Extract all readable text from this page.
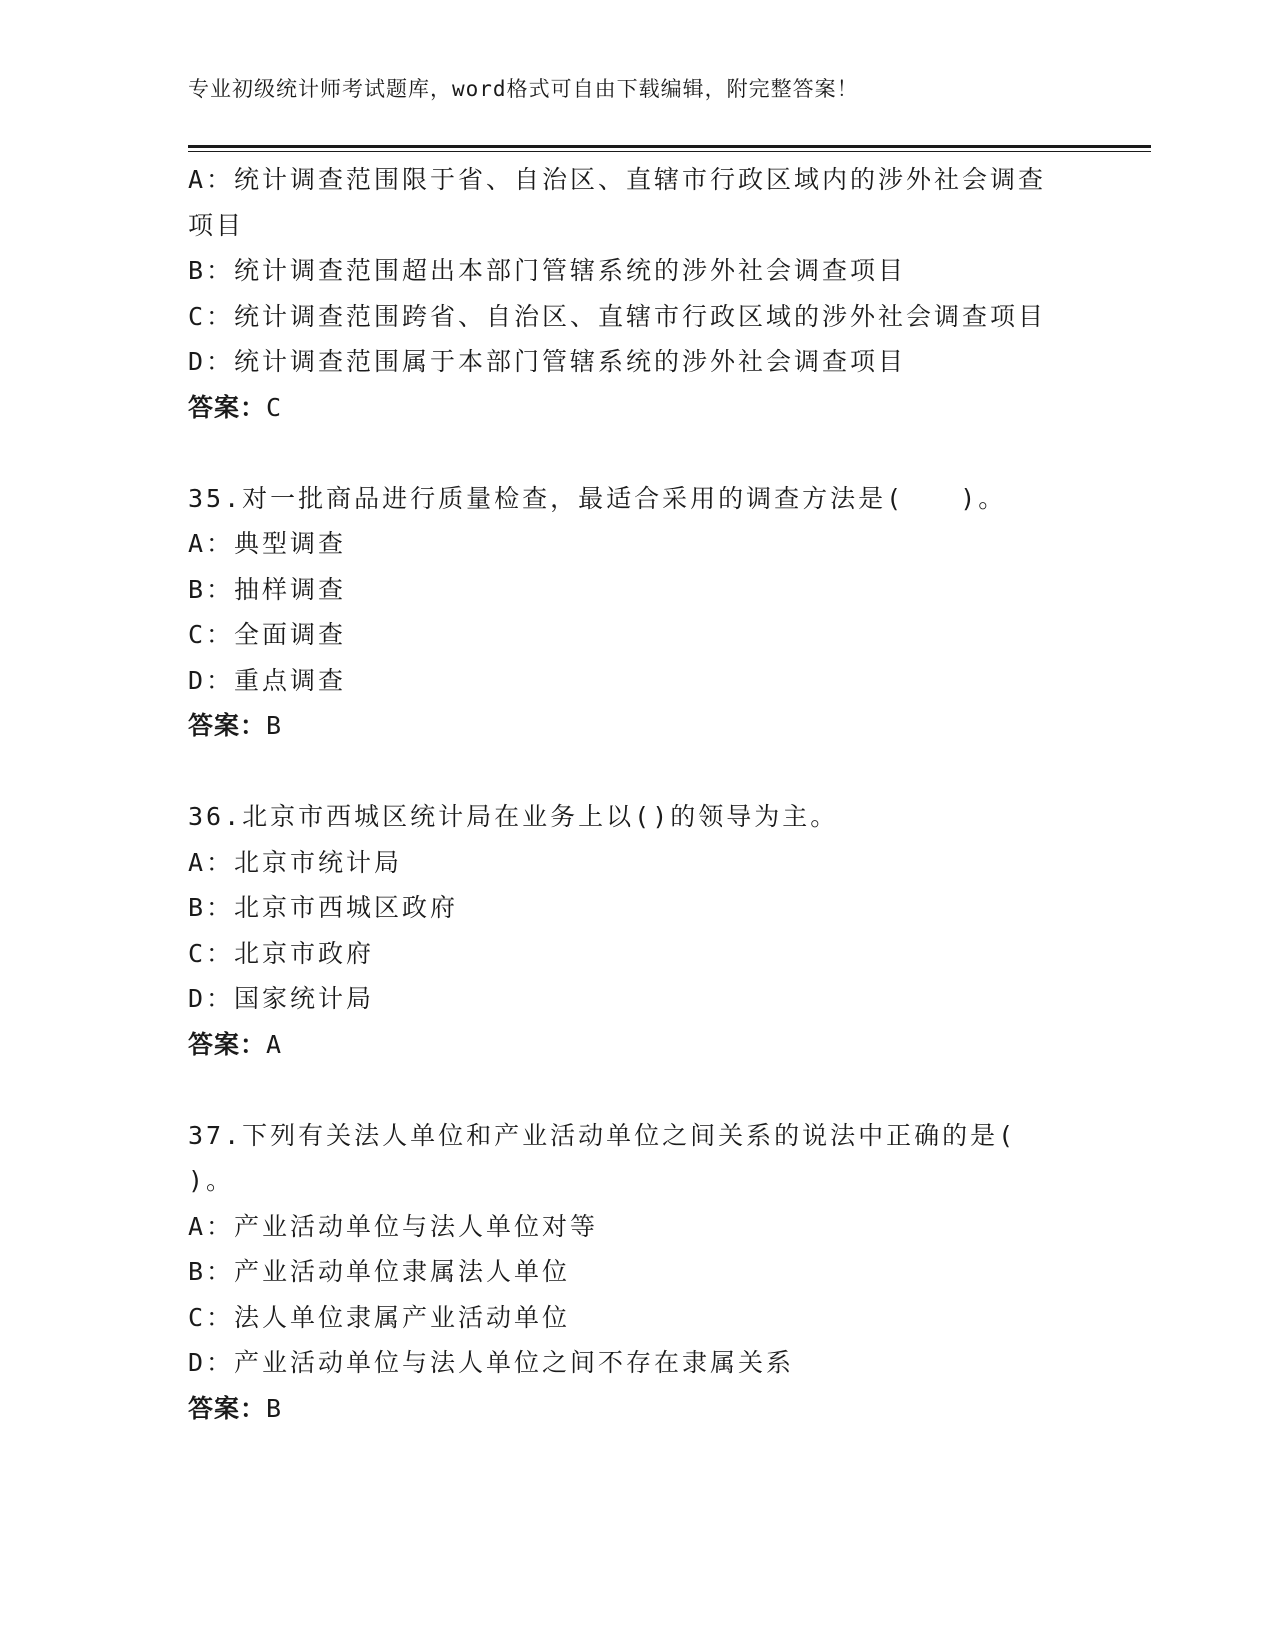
专业初级统计师考试题库，word格式可自由下载编辑，附完整答案！
A：统计调查范围限于省、自治区、直辖市行政区域内的涉外社会调查
项目
B：统计调查范围超出本部门管辖系统的涉外社会调查项目
C：统计调查范围跨省、自治区、直辖市行政区域的涉外社会调查项目
D：统计调查范围属于本部门管辖系统的涉外社会调查项目
答案：C
35.对一批商品进行质量检查，最适合采用的调查方法是(　　)。
A：典型调查
B：抽样调查
C：全面调查
D：重点调查
答案：B
36.北京市西城区统计局在业务上以()的领导为主。
A：北京市统计局
B：北京市西城区政府
C：北京市政府
D：国家统计局
答案：A
37.下列有关法人单位和产业活动单位之间关系的说法中正确的是(
)。
A：产业活动单位与法人单位对等
B：产业活动单位隶属法人单位
C：法人单位隶属产业活动单位
D：产业活动单位与法人单位之间不存在隶属关系
答案：B
